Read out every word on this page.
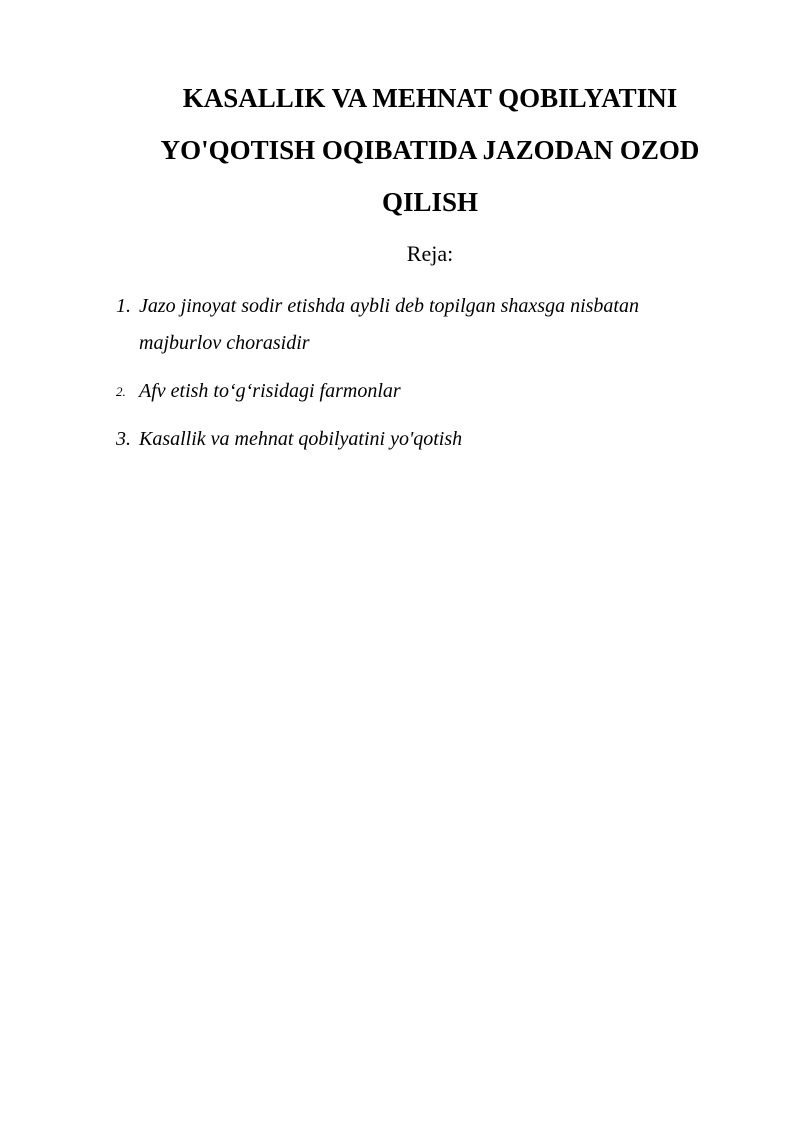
KASALLIK VA MEHNAT QOBILYATINI
YO'QOTISH OQIBATIDA JAZODAN OZOD
QILISH
Reja:
1. Jazo jinoyat sodir etishda aybli deb topilgan shaxsga nisbatan
majburlov chorasidir
2. Afv etish to‘g‘risidagi farmonlar
3. Kasallik va mehnat qobilyatini yo'qotish
